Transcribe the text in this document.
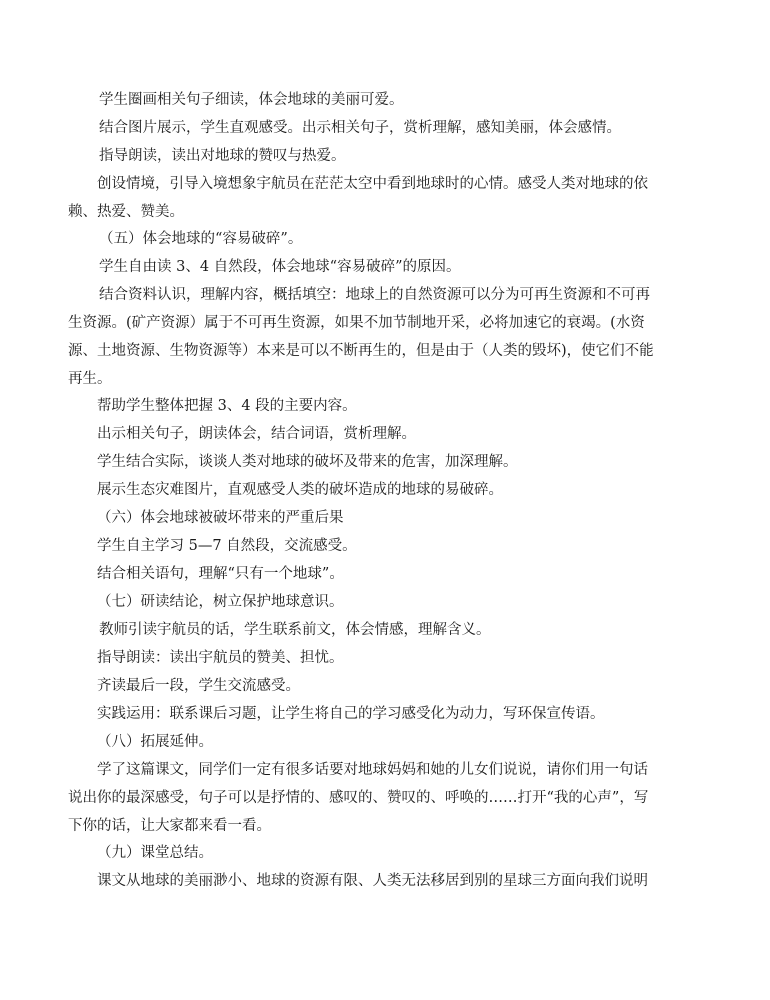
学生圈画相关句子细读，体会地球的美丽可爱。
结合图片展示，学生直观感受。出示相关句子，赏析理解，感知美丽，体会感情。
指导朗读，读出对地球的赞叹与热爱。
创设情境，引导入境想象宇航员在茫茫太空中看到地球时的心情。感受人类对地球的依
赖、热爱、赞美。
（五）体会地球的“容易破碎”。
学生自由读 3、4 自然段，体会地球“容易破碎”的原因。
结合资料认识，理解内容，概括填空：地球上的自然资源可以分为可再生资源和不可再
生资源。(矿产资源）属于不可再生资源，如果不加节制地开采，必将加速它的衰竭。(水资
源、土地资源、生物资源等）本来是可以不断再生的，但是由于（人类的毁坏)，使它们不能
再生。
帮助学生整体把握 3、4 段的主要内容。
出示相关句子，朗读体会，结合词语，赏析理解。
学生结合实际，谈谈人类对地球的破坏及带来的危害，加深理解。
展示生态灾难图片，直观感受人类的破坏造成的地球的易破碎。
（六）体会地球被破坏带来的严重后果
学生自主学习 5—7 自然段，交流感受。
结合相关语句，理解“只有一个地球”。
（七）研读结论，树立保护地球意识。
教师引读宇航员的话，学生联系前文，体会情感，理解含义。
指导朗读：读出宇航员的赞美、担忧。
齐读最后一段，学生交流感受。
实践运用：联系课后习题，让学生将自己的学习感受化为动力，写环保宣传语。
（八）拓展延伸。
学了这篇课文，同学们一定有很多话要对地球妈妈和她的儿女们说说，请你们用一句话
说出你的最深感受，句子可以是抒情的、感叹的、赞叹的、呼唤的……打开“我的心声”，写
下你的话，让大家都来看一看。
（九）课堂总结。
课文从地球的美丽渺小、地球的资源有限、人类无法移居到别的星球三方面向我们说明
